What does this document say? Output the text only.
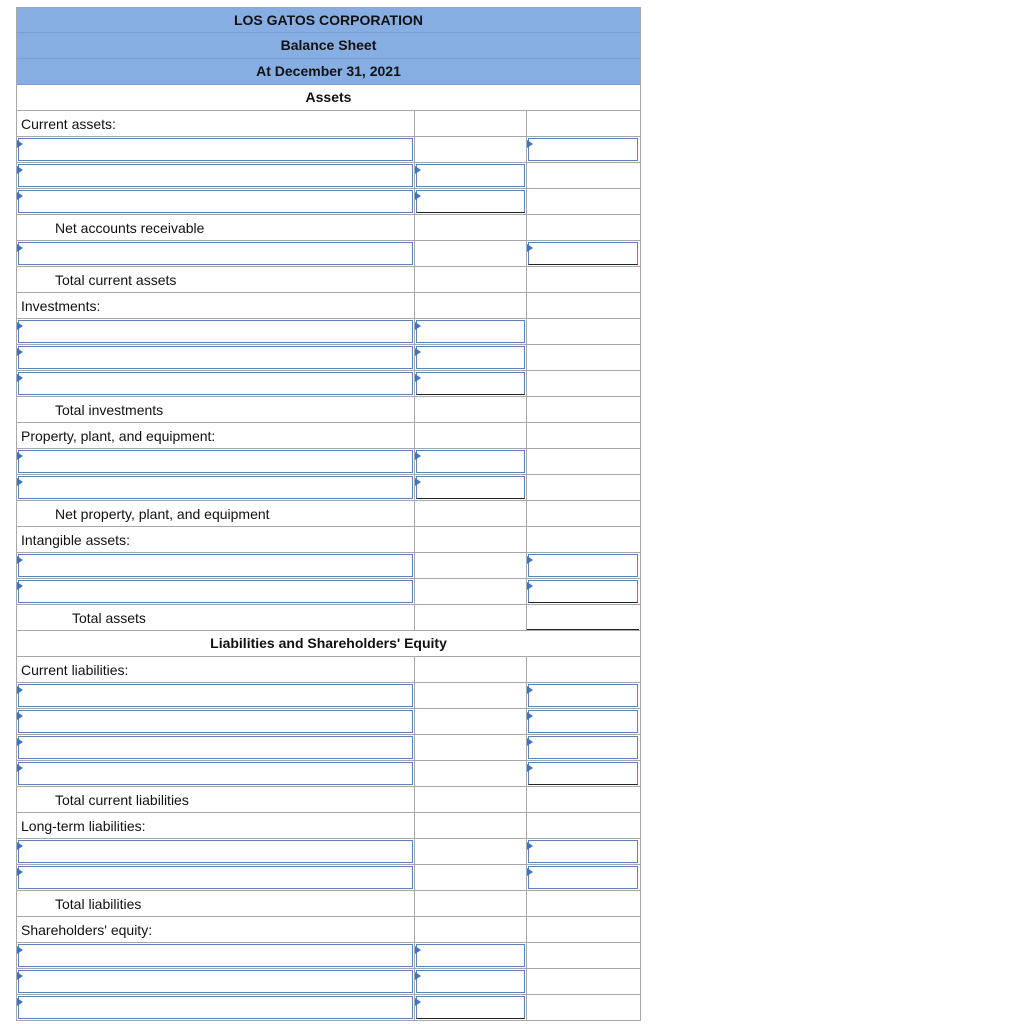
LOS GATOS CORPORATION
Balance Sheet
At December 31, 2021
Assets
Current assets:
Net accounts receivable
Total current assets
Investments:
Total investments
Property, plant, and equipment:
Net property, plant, and equipment
Intangible assets:
Total assets
Liabilities and Shareholders' Equity
Current liabilities:
Total current liabilities
Long-term liabilities:
Total liabilities
Shareholders' equity:
